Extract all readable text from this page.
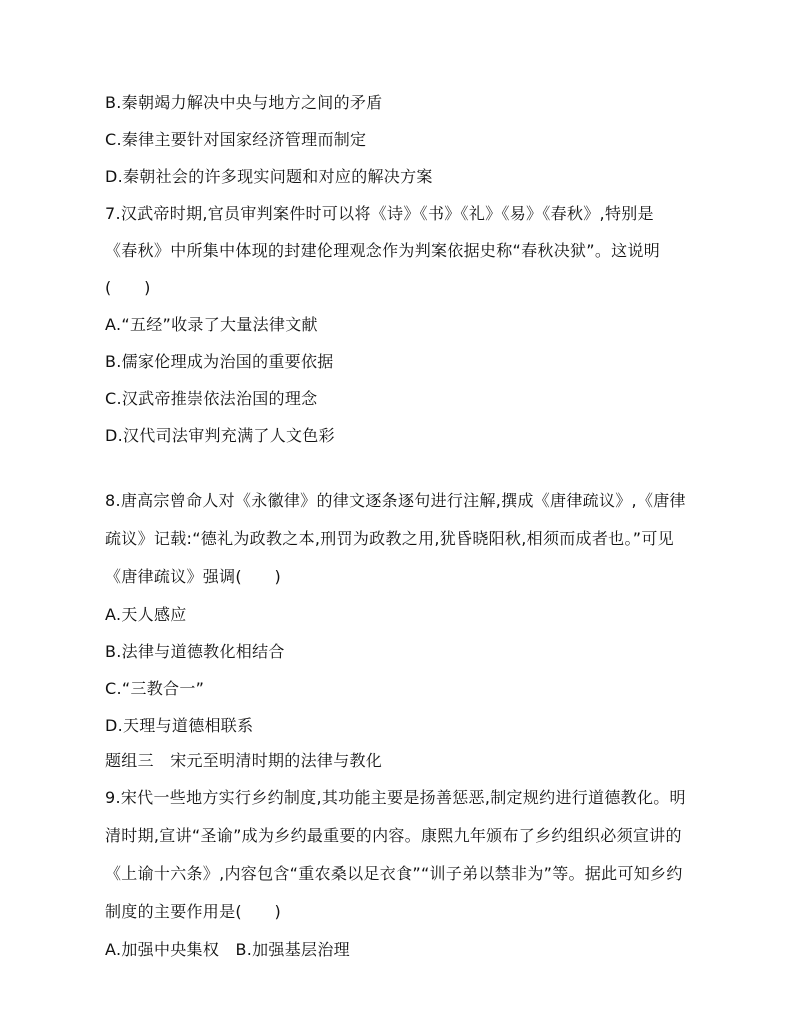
B.秦朝竭力解决中央与地方之间的矛盾
C.秦律主要针对国家经济管理而制定
D.秦朝社会的许多现实问题和对应的解决方案
7.汉武帝时期,官员审判案件时可以将《诗》《书》《礼》《易》《春秋》,特别是
《春秋》中所集中体现的封建伦理观念作为判案依据史称“春秋决狱”。这说明
(　　)
A.“五经”收录了大量法律文献
B.儒家伦理成为治国的重要依据
C.汉武帝推崇依法治国的理念
D.汉代司法审判充满了人文色彩
8.唐高宗曾命人对《永徽律》的律文逐条逐句进行注解,撰成《唐律疏议》,《唐律
疏议》记载:“德礼为政教之本,刑罚为政教之用,犹昏晓阳秋,相须而成者也。”可见
《唐律疏议》强调(　　)
A.天人感应
B.法律与道德教化相结合
C.“三教合一”
D.天理与道德相联系
题组三　宋元至明清时期的法律与教化
9.宋代一些地方实行乡约制度,其功能主要是扬善惩恶,制定规约进行道德教化。明
清时期,宣讲“圣谕”成为乡约最重要的内容。康熙九年颁布了乡约组织必须宣讲的
《上谕十六条》,内容包含“重农桑以足衣食”“训子弟以禁非为”等。据此可知乡约
制度的主要作用是(　　)
A.加强中央集权　B.加强基层治理
